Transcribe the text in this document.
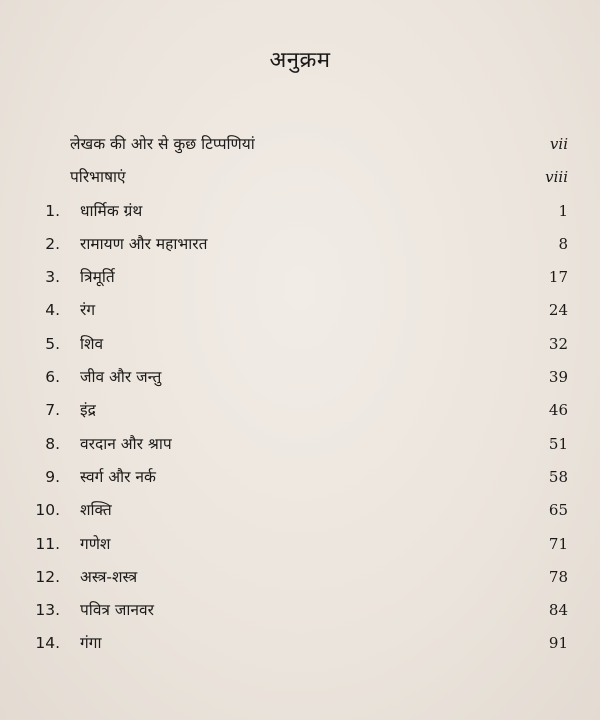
अनुक्रम
लेखक की ओर से कुछ टिप्पणियां	vii
परिभाषाएं	viii
1. धार्मिक ग्रंथ	1
2. रामायण और महाभारत	8
3. त्रिमूर्ति	17
4. रंग	24
5. शिव	32
6. जीव और जन्तु	39
7. इंद्र	46
8. वरदान और श्राप	51
9. स्वर्ग और नर्क	58
10. शक्ति	65
11. गणेश	71
12. अस्त्र-शस्त्र	78
13. पवित्र जानवर	84
14. गंगा	91
